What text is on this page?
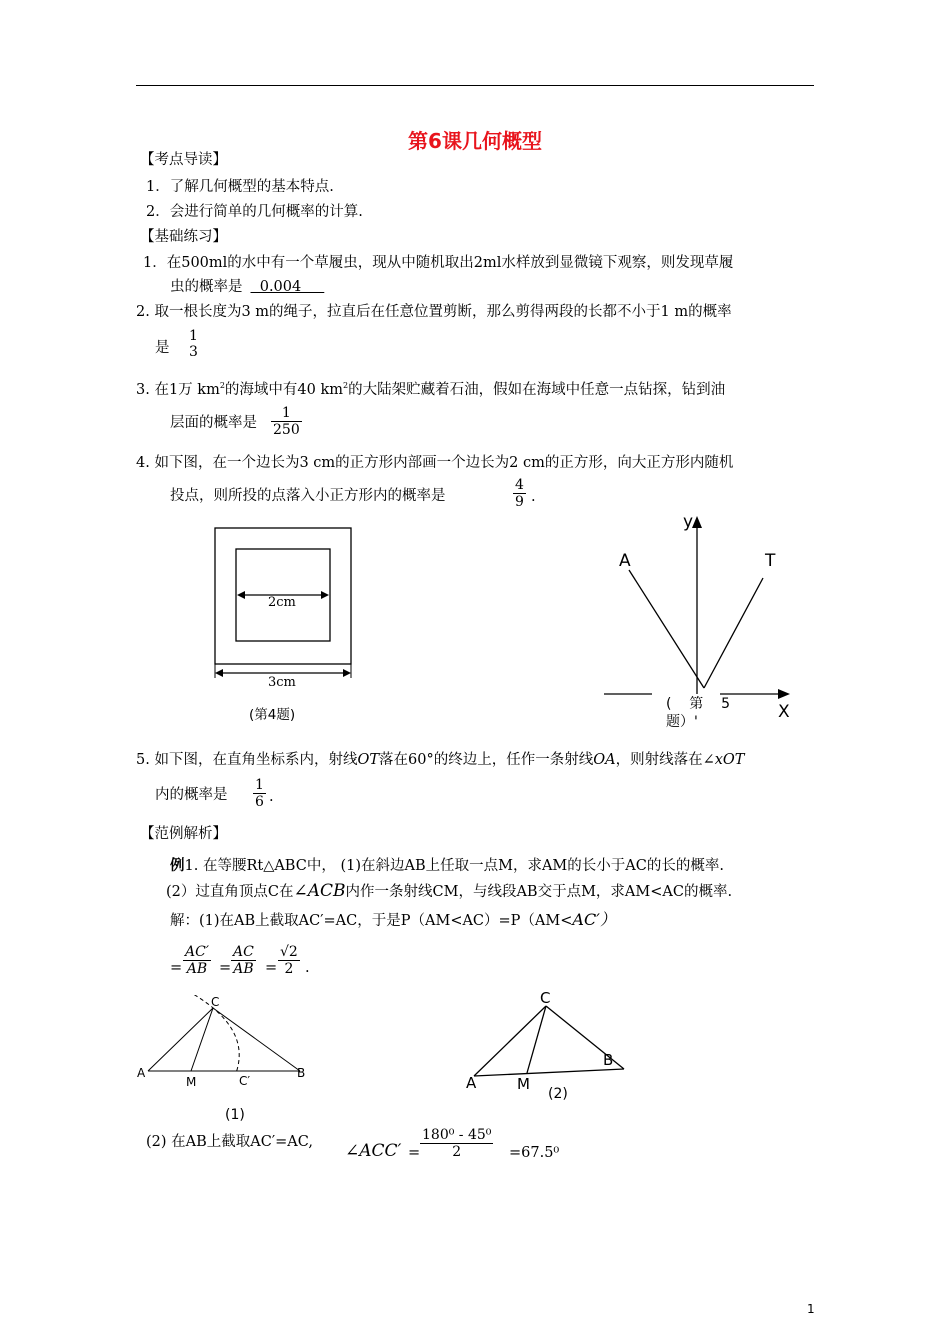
第6课几何概型
【考点导读】
1．了解几何概型的基本特点.
2．会进行简单的几何概率的计算.
【基础练习】
1．在500ml的水中有一个草履虫，现从中随机取出2ml水样放到显微镜下观察，则发现草履
虫的概率是  0.004
2. 取一根长度为3 m的绳子，拉直后在任意位置剪断，那么剪得两段的长都不小于1 m的概率
是
1
3
3. 在1万 $km^2$的海域中有40 $km^2$的大陆架贮藏着石油，假如在海域中任意一点钻探，钻到油
层面的概率是
1
250
4. 如下图，在一个边长为3 cm的正方形内部画一个边长为2 cm的正方形，向大正方形内随机
投点，则所投的点落入小正方形内的概率是
4
9 .
2cm
3cm
(第4题)
y
A	T
X
(    第    5
题）'
5. 如下图，在直角坐标系内，射线OT落在60°的终边上，任作一条射线OA，则射线落在∠xOT
内的概率是
1
6 .
【范例解析】
例1. 在等腰Rt△ABC中， (1)在斜边AB上任取一点M，求AM的长小于AC的长的概率.
(2）过直角顶点C在∠ACB内作一条射线CM，与线段AB交于点M，求AM<AC的概率.
解：(1)在AB上截取AC′=AC，于是P（AM<AC）=P（AM<AC′）
=
AC′
AB =
AC
AB =
√2
2 .
A
M
C
C′
B
(1)
C
A	M
B
(2)
(2) 在AB上截取AC′=AC, ∠ACC′ =
180⁰ - 45⁰
2	=67.5⁰
1
